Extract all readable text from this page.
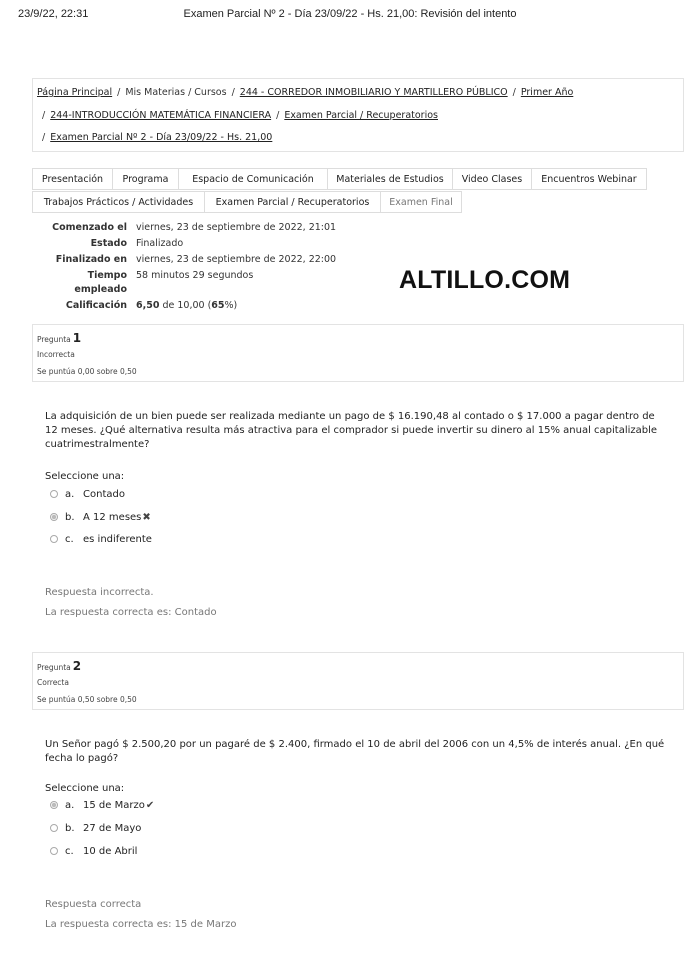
23/9/22, 22:31	Examen Parcial Nº 2 - Día 23/09/22 - Hs. 21,00: Revisión del intento
Página Principal / Mis Materias / Cursos / 244 - CORREDOR INMOBILIARIO Y MARTILLERO PÚBLICO / Primer Año
/ 244-INTRODUCCIÓN MATEMÁTICA FINANCIERA / Examen Parcial / Recuperatorios
/ Examen Parcial Nº 2 - Día 23/09/22 - Hs. 21,00
Presentación	Programa	Espacio de Comunicación	Materiales de Estudios	Video Clases	Encuentros Webinar
Trabajos Prácticos / Actividades	Examen Parcial / Recuperatorios	Examen Final
Comenzado el viernes, 23 de septiembre de 2022, 21:01
Estado Finalizado
Finalizado en viernes, 23 de septiembre de 2022, 22:00
Tiempo
empleado
58 minutos 29 segundos
Calificación 6,50 de 10,00 (65%)
ALTILLO.COM
Pregunta 1
Incorrecta
Se puntúa 0,00 sobre 0,50
La adquisición de un bien puede ser realizada mediante un pago de $ 16.190,48 al contado o $ 17.000 a pagar dentro de 12 meses. ¿Qué alternativa resulta más atractiva para el comprador si puede invertir su dinero al 15% anual capitalizable cuatrimestralmente?
Seleccione una:
a. Contado
b. A 12 meses✖
c. es indiferente
Respuesta incorrecta.
La respuesta correcta es: Contado
Pregunta 2
Correcta
Se puntúa 0,50 sobre 0,50
Un Señor pagó $ 2.500,20 por un pagaré de $ 2.400, firmado el 10 de abril del 2006 con un 4,5% de interés anual. ¿En qué fecha lo pagó?
Seleccione una:
a. 15 de Marzo✔
b. 27 de Mayo
c. 10 de Abril
Respuesta correcta
La respuesta correcta es: 15 de Marzo
